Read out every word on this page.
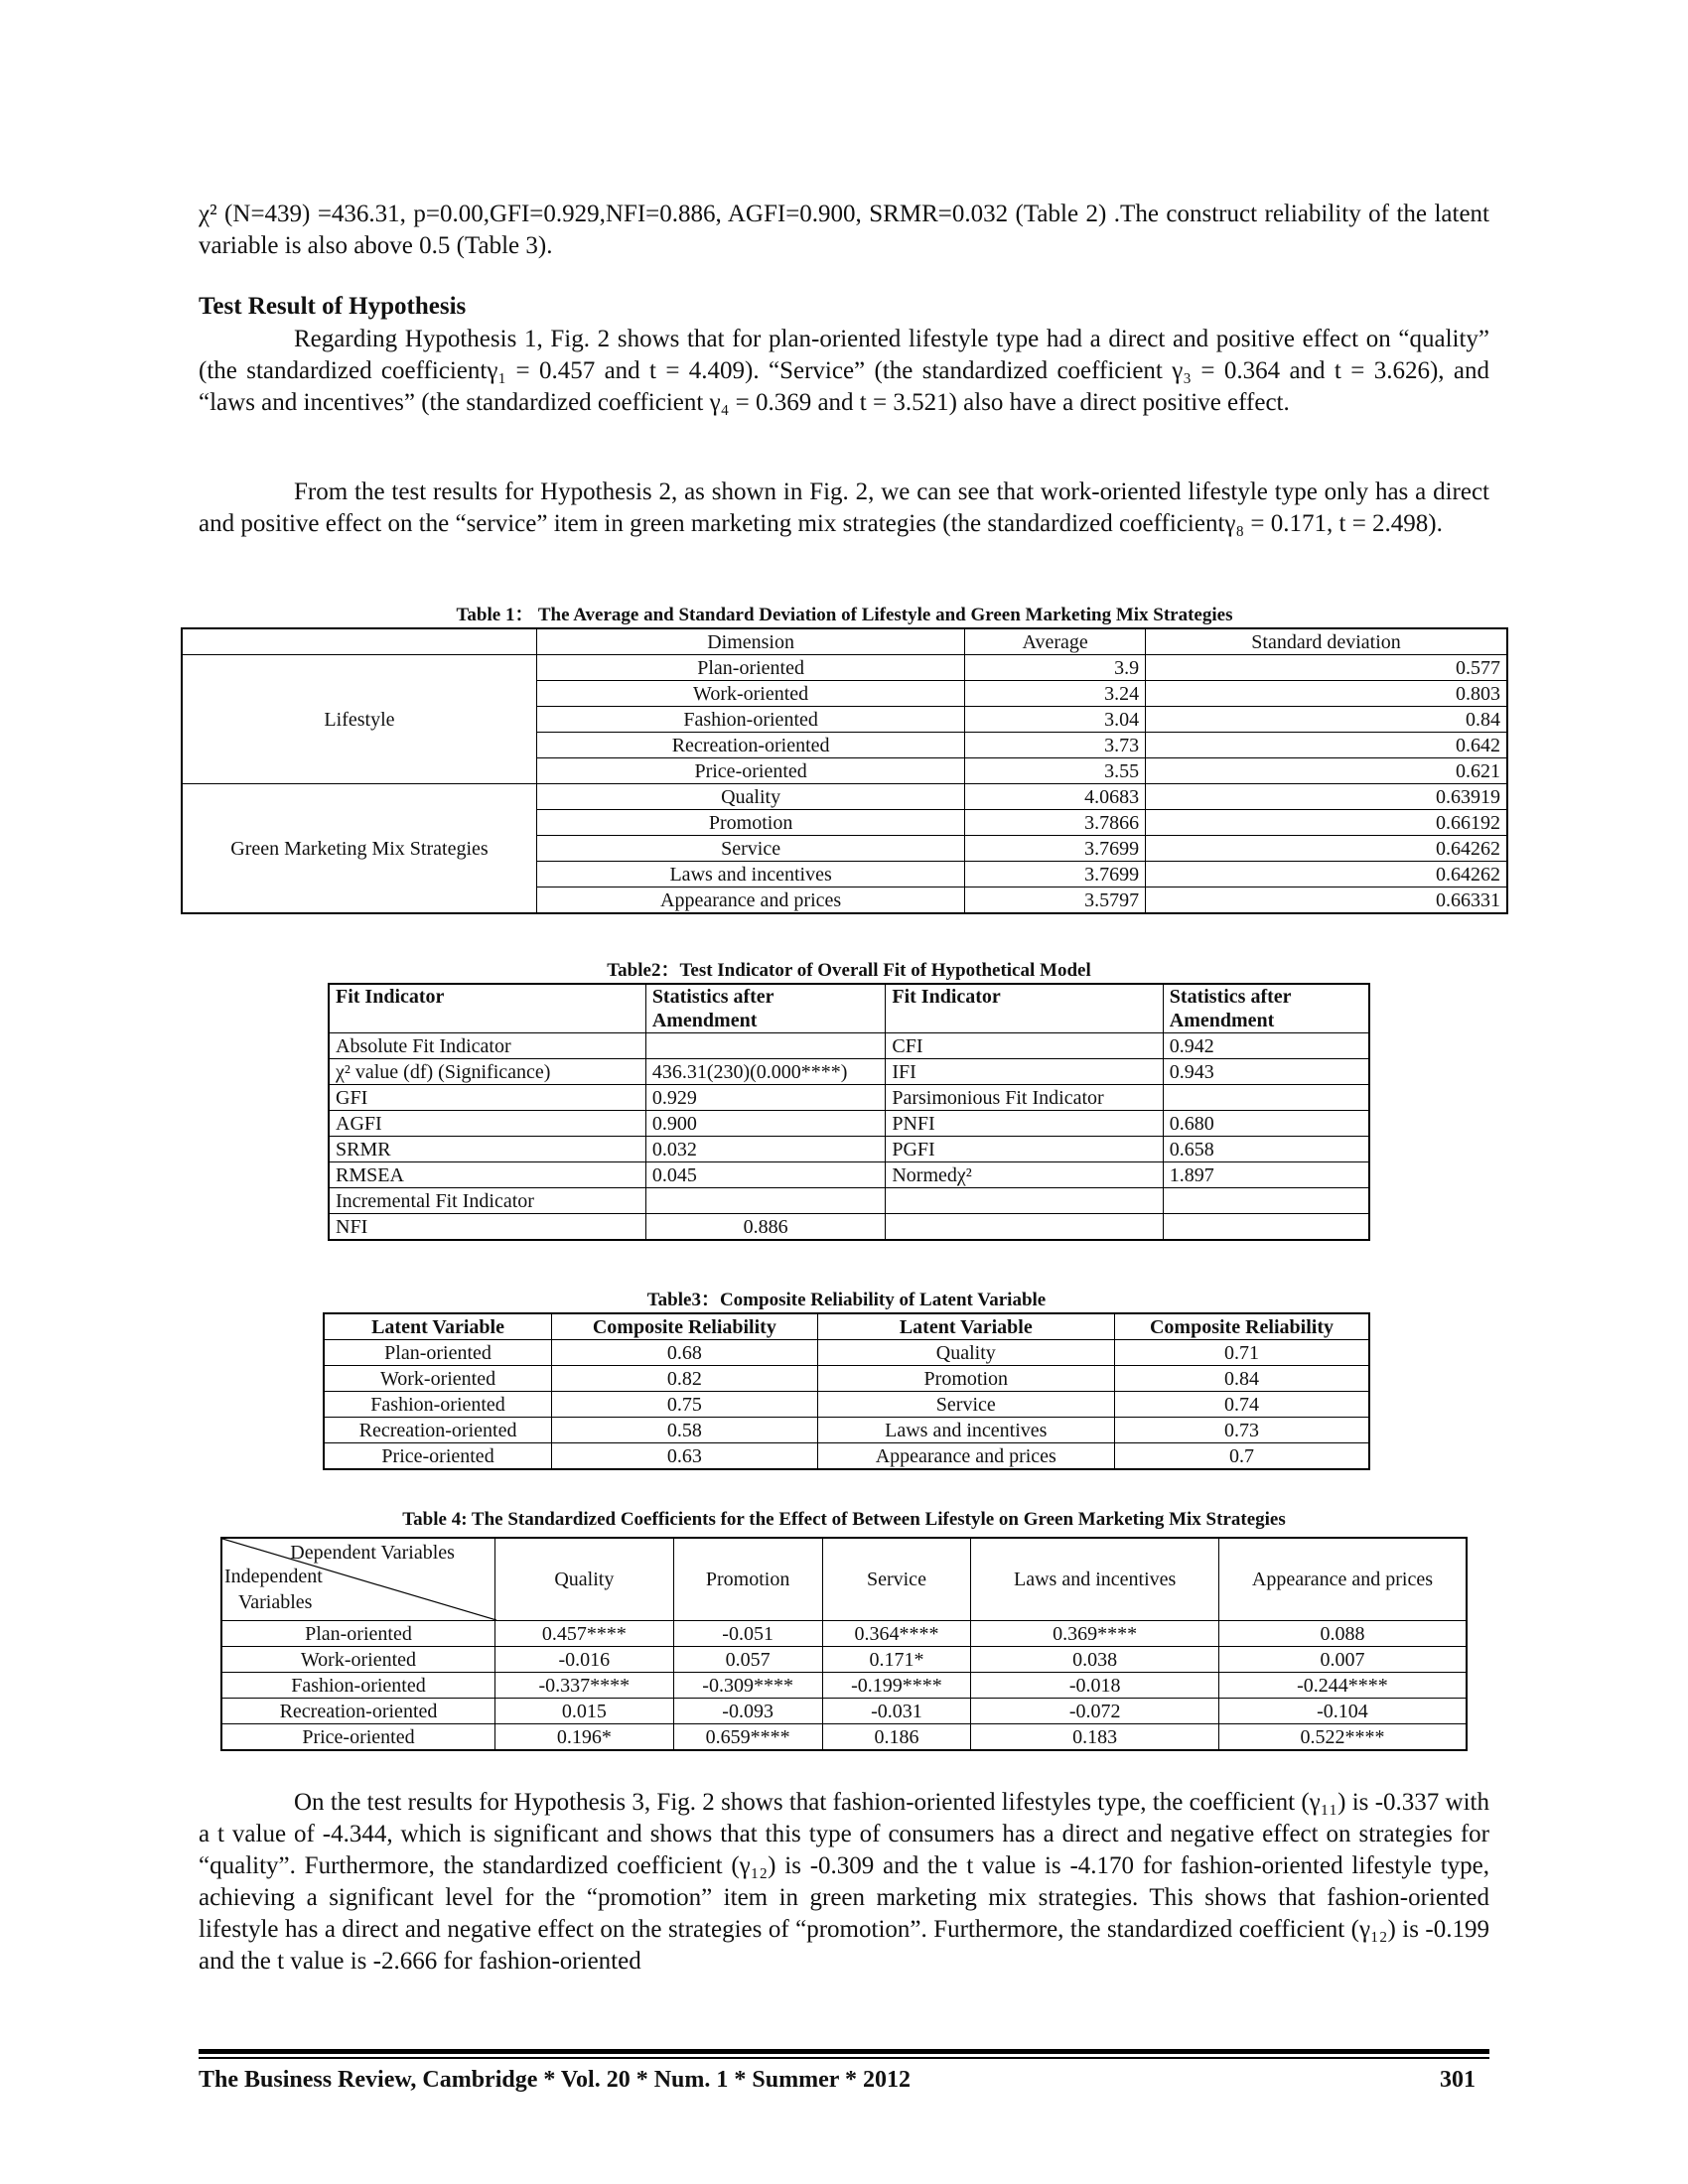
χ² (N=439) =436.31, p=0.00,GFI=0.929,NFI=0.886, AGFI=0.900, SRMR=0.032 (Table 2) .The construct reliability of the latent variable is also above 0.5 (Table 3).

Test Result of Hypothesis

Regarding Hypothesis 1, Fig. 2 shows that for plan-oriented lifestyle type had a direct and positive effect on “quality” (the standardized coefficientγ₁ = 0.457 and t = 4.409). “Service” (the standardized coefficient γ₃ = 0.364 and t = 3.626), and “laws and incentives” (the standardized coefficient γ₄ = 0.369 and t = 3.521) also have a direct positive effect.

From the test results for Hypothesis 2, as shown in Fig. 2, we can see that work-oriented lifestyle type only has a direct and positive effect on the “service” item in green marketing mix strategies (the standardized coefficientγ₈ = 0.171, t = 2.498).

Table 1： The Average and Standard Deviation of Lifestyle and Green Marketing Mix Strategies
	Dimension	Average	Standard deviation
Lifestyle	Plan-oriented	3.9	0.577
	Work-oriented	3.24	0.803
	Fashion-oriented	3.04	0.84
	Recreation-oriented	3.73	0.642
	Price-oriented	3.55	0.621
Green Marketing Mix Strategies	Quality	4.0683	0.63919
	Promotion	3.7866	0.66192
	Service	3.7699	0.64262
	Laws and incentives	3.7699	0.64262
	Appearance and prices	3.5797	0.66331
Table2：Test Indicator of Overall Fit of Hypothetical Model
Fit Indicator	Statistics after Amendment	Fit Indicator	Statistics after Amendment
Absolute Fit Indicator		CFI	0.942
χ² value (df) (Significance)	436.31(230)(0.000****)	IFI	0.943
GFI	0.929	Parsimonious Fit Indicator	
AGFI	0.900	PNFI	0.680
SRMR	0.032	PGFI	0.658
RMSEA	0.045	Normedχ²	1.897
Incremental Fit Indicator			
NFI	0.886		
Table3：Composite Reliability of Latent Variable
Latent Variable	Composite Reliability	Latent Variable	Composite Reliability
Plan-oriented	0.68	Quality	0.71
Work-oriented	0.82	Promotion	0.84
Fashion-oriented	0.75	Service	0.74
Recreation-oriented	0.58	Laws and incentives	0.73
Price-oriented	0.63	Appearance and prices	0.7
Table 4: The Standardized Coefficients for the Effect of Between Lifestyle on Green Marketing Mix Strategies
Dependent Variables
Independent
Variables	Quality	Promotion	Service	Laws and incentives	Appearance and prices
Plan-oriented	0.457****	-0.051	0.364****	0.369****	0.088
Work-oriented	-0.016	0.057	0.171*	0.038	0.007
Fashion-oriented	-0.337****	-0.309****	-0.199****	-0.018	-0.244****
Recreation-oriented	0.015	-0.093	-0.031	-0.072	-0.104
Price-oriented	0.196*	0.659****	0.186	0.183	0.522****

On the test results for Hypothesis 3, Fig. 2 shows that fashion-oriented lifestyles type, the coefficient (γ₁₁) is -0.337 with a t value of -4.344, which is significant and shows that this type of consumers has a direct and negative effect on strategies for “quality”. Furthermore, the standardized coefficient (γ₁₂) is -0.309 and the t value is -4.170 for fashion-oriented lifestyle type, achieving a significant level for the “promotion” item in green marketing mix strategies. This shows that fashion-oriented lifestyle has a direct and negative effect on the strategies of “promotion”. Furthermore, the standardized coefficient (γ₁₂) is -0.199 and the t value is -2.666 for fashion-oriented

The Business Review, Cambridge * Vol. 20 * Num. 1 * Summer * 2012	301
